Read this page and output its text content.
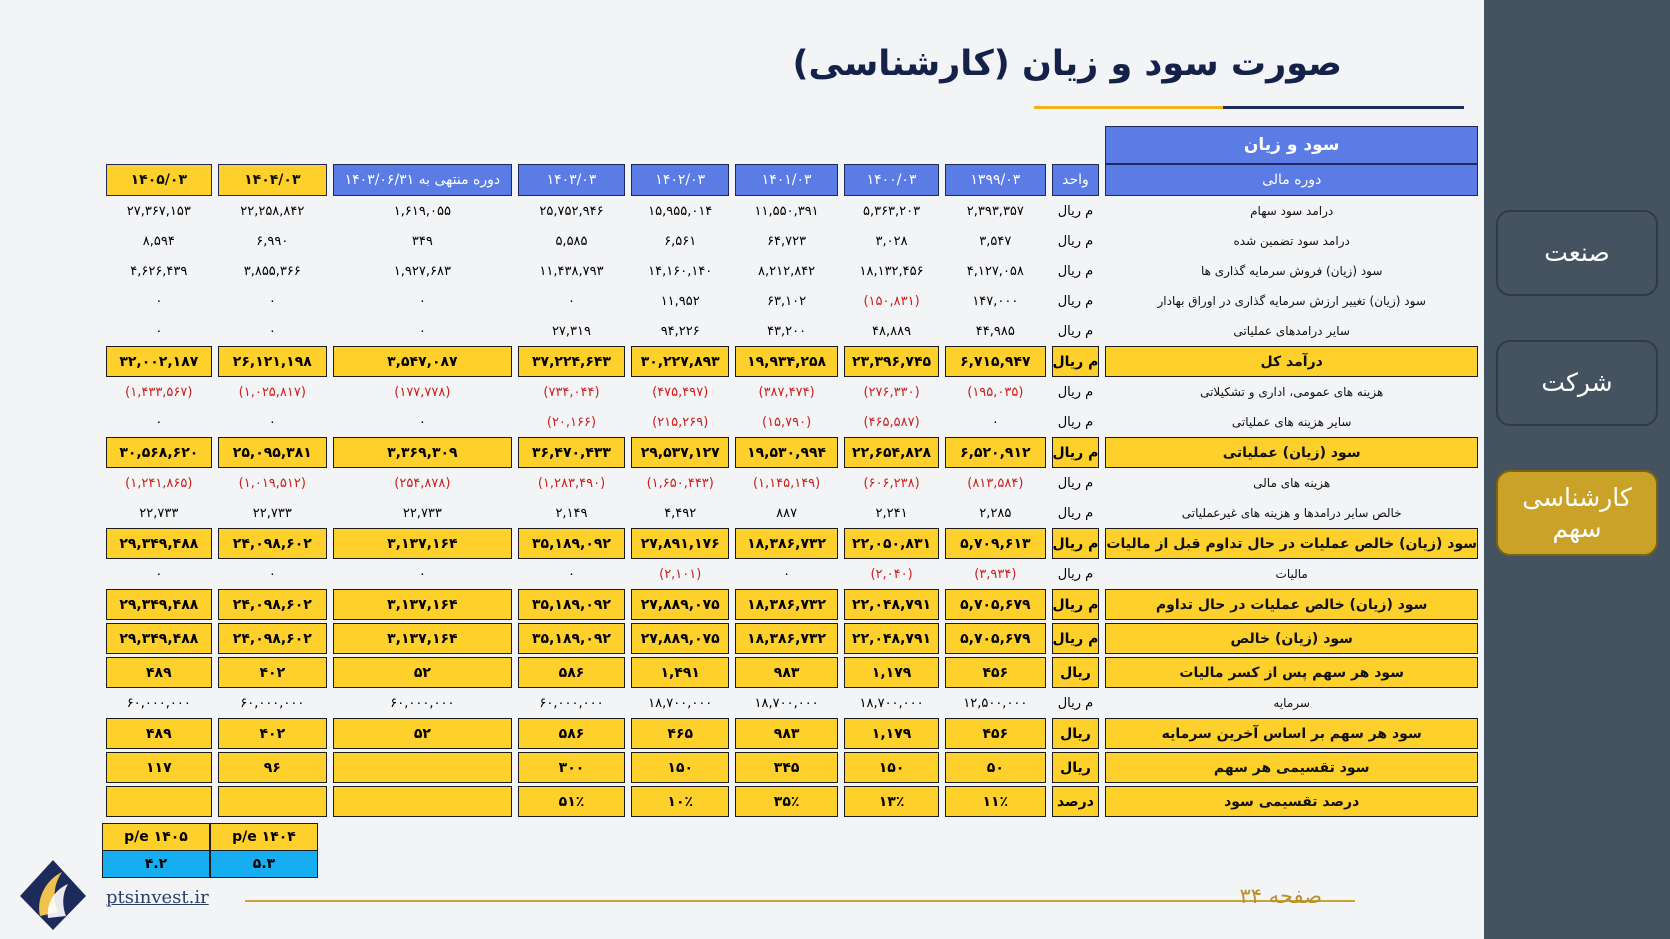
صورت سود و زیان (کارشناسی)
سود و زیان									
دوره مالی	واحد	۱۳۹۹/۰۳	۱۴۰۰/۰۳	۱۴۰۱/۰۳	۱۴۰۲/۰۳	۱۴۰۳/۰۳	دوره منتهی به ۱۴۰۳/۰۶/۳۱	۱۴۰۴/۰۳	۱۴۰۵/۰۳
درامد سود سهام	م ریال	۲,۳۹۳,۳۵۷	۵,۳۶۳,۲۰۳	۱۱,۵۵۰,۳۹۱	۱۵,۹۵۵,۰۱۴	۲۵,۷۵۲,۹۴۶	۱,۶۱۹,۰۵۵	۲۲,۲۵۸,۸۴۲	۲۷,۳۶۷,۱۵۳
درامد سود تضمین شده	م ریال	۳,۵۴۷	۳,۰۲۸	۶۴,۷۲۳	۶,۵۶۱	۵,۵۸۵	۳۴۹	۶,۹۹۰	۸,۵۹۴
سود (زیان) فروش سرمایه گذاری ها	م ریال	۴,۱۲۷,۰۵۸	۱۸,۱۳۲,۴۵۶	۸,۲۱۲,۸۴۲	۱۴,۱۶۰,۱۴۰	۱۱,۴۳۸,۷۹۳	۱,۹۲۷,۶۸۳	۳,۸۵۵,۳۶۶	۴,۶۲۶,۴۳۹
سود (زیان) تغییر ارزش سرمایه گذاری در اوراق بهادار	م ریال	۱۴۷,۰۰۰	(۱۵۰,۸۳۱)	۶۳,۱۰۲	۱۱,۹۵۲	۰	۰	۰	۰
سایر درامدهای عملیاتی	م ریال	۴۴,۹۸۵	۴۸,۸۸۹	۴۳,۲۰۰	۹۴,۲۲۶	۲۷,۳۱۹	۰	۰	۰
درآمد کل	م ریال	۶,۷۱۵,۹۴۷	۲۳,۳۹۶,۷۴۵	۱۹,۹۳۴,۲۵۸	۳۰,۲۲۷,۸۹۳	۳۷,۲۲۴,۶۴۳	۳,۵۴۷,۰۸۷	۲۶,۱۲۱,۱۹۸	۳۲,۰۰۲,۱۸۷
هزینه های عمومی، اداری و تشکیلاتی	م ریال	(۱۹۵,۰۳۵)	(۲۷۶,۳۳۰)	(۳۸۷,۴۷۴)	(۴۷۵,۴۹۷)	(۷۳۴,۰۴۴)	(۱۷۷,۷۷۸)	(۱,۰۲۵,۸۱۷)	(۱,۴۳۳,۵۶۷)
سایر هزینه های عملیاتی	م ریال	۰	(۴۶۵,۵۸۷)	(۱۵,۷۹۰)	(۲۱۵,۲۶۹)	(۲۰,۱۶۶)	۰	۰	۰
سود (زیان) عملیاتی	م ریال	۶,۵۲۰,۹۱۲	۲۲,۶۵۴,۸۲۸	۱۹,۵۳۰,۹۹۴	۲۹,۵۳۷,۱۲۷	۳۶,۴۷۰,۴۳۳	۳,۳۶۹,۳۰۹	۲۵,۰۹۵,۳۸۱	۳۰,۵۶۸,۶۲۰
هزینه های مالی	م ریال	(۸۱۳,۵۸۴)	(۶۰۶,۲۳۸)	(۱,۱۴۵,۱۴۹)	(۱,۶۵۰,۴۴۳)	(۱,۲۸۳,۴۹۰)	(۲۵۴,۸۷۸)	(۱,۰۱۹,۵۱۲)	(۱,۲۴۱,۸۶۵)
خالص سایر درامدها و هزینه های غیرعملیاتی	م ریال	۲,۲۸۵	۲,۲۴۱	۸۸۷	۴,۴۹۲	۲,۱۴۹	۲۲,۷۳۳	۲۲,۷۳۳	۲۲,۷۳۳
سود (زیان) خالص عملیات در حال تداوم قبل از مالیات	م ریال	۵,۷۰۹,۶۱۳	۲۲,۰۵۰,۸۳۱	۱۸,۳۸۶,۷۳۲	۲۷,۸۹۱,۱۷۶	۳۵,۱۸۹,۰۹۲	۳,۱۳۷,۱۶۴	۲۴,۰۹۸,۶۰۲	۲۹,۳۴۹,۴۸۸
مالیات	م ریال	(۳,۹۳۴)	(۲,۰۴۰)	۰	(۲,۱۰۱)	۰	۰	۰	۰
سود (زیان) خالص عملیات در حال تداوم	م ریال	۵,۷۰۵,۶۷۹	۲۲,۰۴۸,۷۹۱	۱۸,۳۸۶,۷۳۲	۲۷,۸۸۹,۰۷۵	۳۵,۱۸۹,۰۹۲	۳,۱۳۷,۱۶۴	۲۴,۰۹۸,۶۰۲	۲۹,۳۴۹,۴۸۸

سود (زیان) خالص	م ریال	۵,۷۰۵,۶۷۹	۲۲,۰۴۸,۷۹۱	۱۸,۳۸۶,۷۳۲	۲۷,۸۸۹,۰۷۵	۳۵,۱۸۹,۰۹۲	۳,۱۳۷,۱۶۴	۲۴,۰۹۸,۶۰۲	۲۹,۳۴۹,۴۸۸

سود هر سهم پس از کسر مالیات	ریال	۴۵۶	۱,۱۷۹	۹۸۳	۱,۴۹۱	۵۸۶	۵۲	۴۰۲	۴۸۹
سرمایه	م ریال	۱۲,۵۰۰,۰۰۰	۱۸,۷۰۰,۰۰۰	۱۸,۷۰۰,۰۰۰	۱۸,۷۰۰,۰۰۰	۶۰,۰۰۰,۰۰۰	۶۰,۰۰۰,۰۰۰	۶۰,۰۰۰,۰۰۰	۶۰,۰۰۰,۰۰۰
سود هر سهم بر اساس آخرین سرمایه	ریال	۴۵۶	۱,۱۷۹	۹۸۳	۴۶۵	۵۸۶	۵۲	۴۰۲	۴۸۹

سود تقسیمی هر سهم	ریال	۵۰	۱۵۰	۳۴۵	۱۵۰	۳۰۰		۹۶	۱۱۷

درصد تقسیمی سود	درصد	۱۱٪	۱۳٪	۳۵٪	۱۰٪	۵۱٪			
p/e ۱۴۰۴
۵.۳
p/e ۱۴۰۵
۴.۲
ptsinvest.ir	صفحه ۳۴
صنعت
شرکت
کارشناسی سهم
